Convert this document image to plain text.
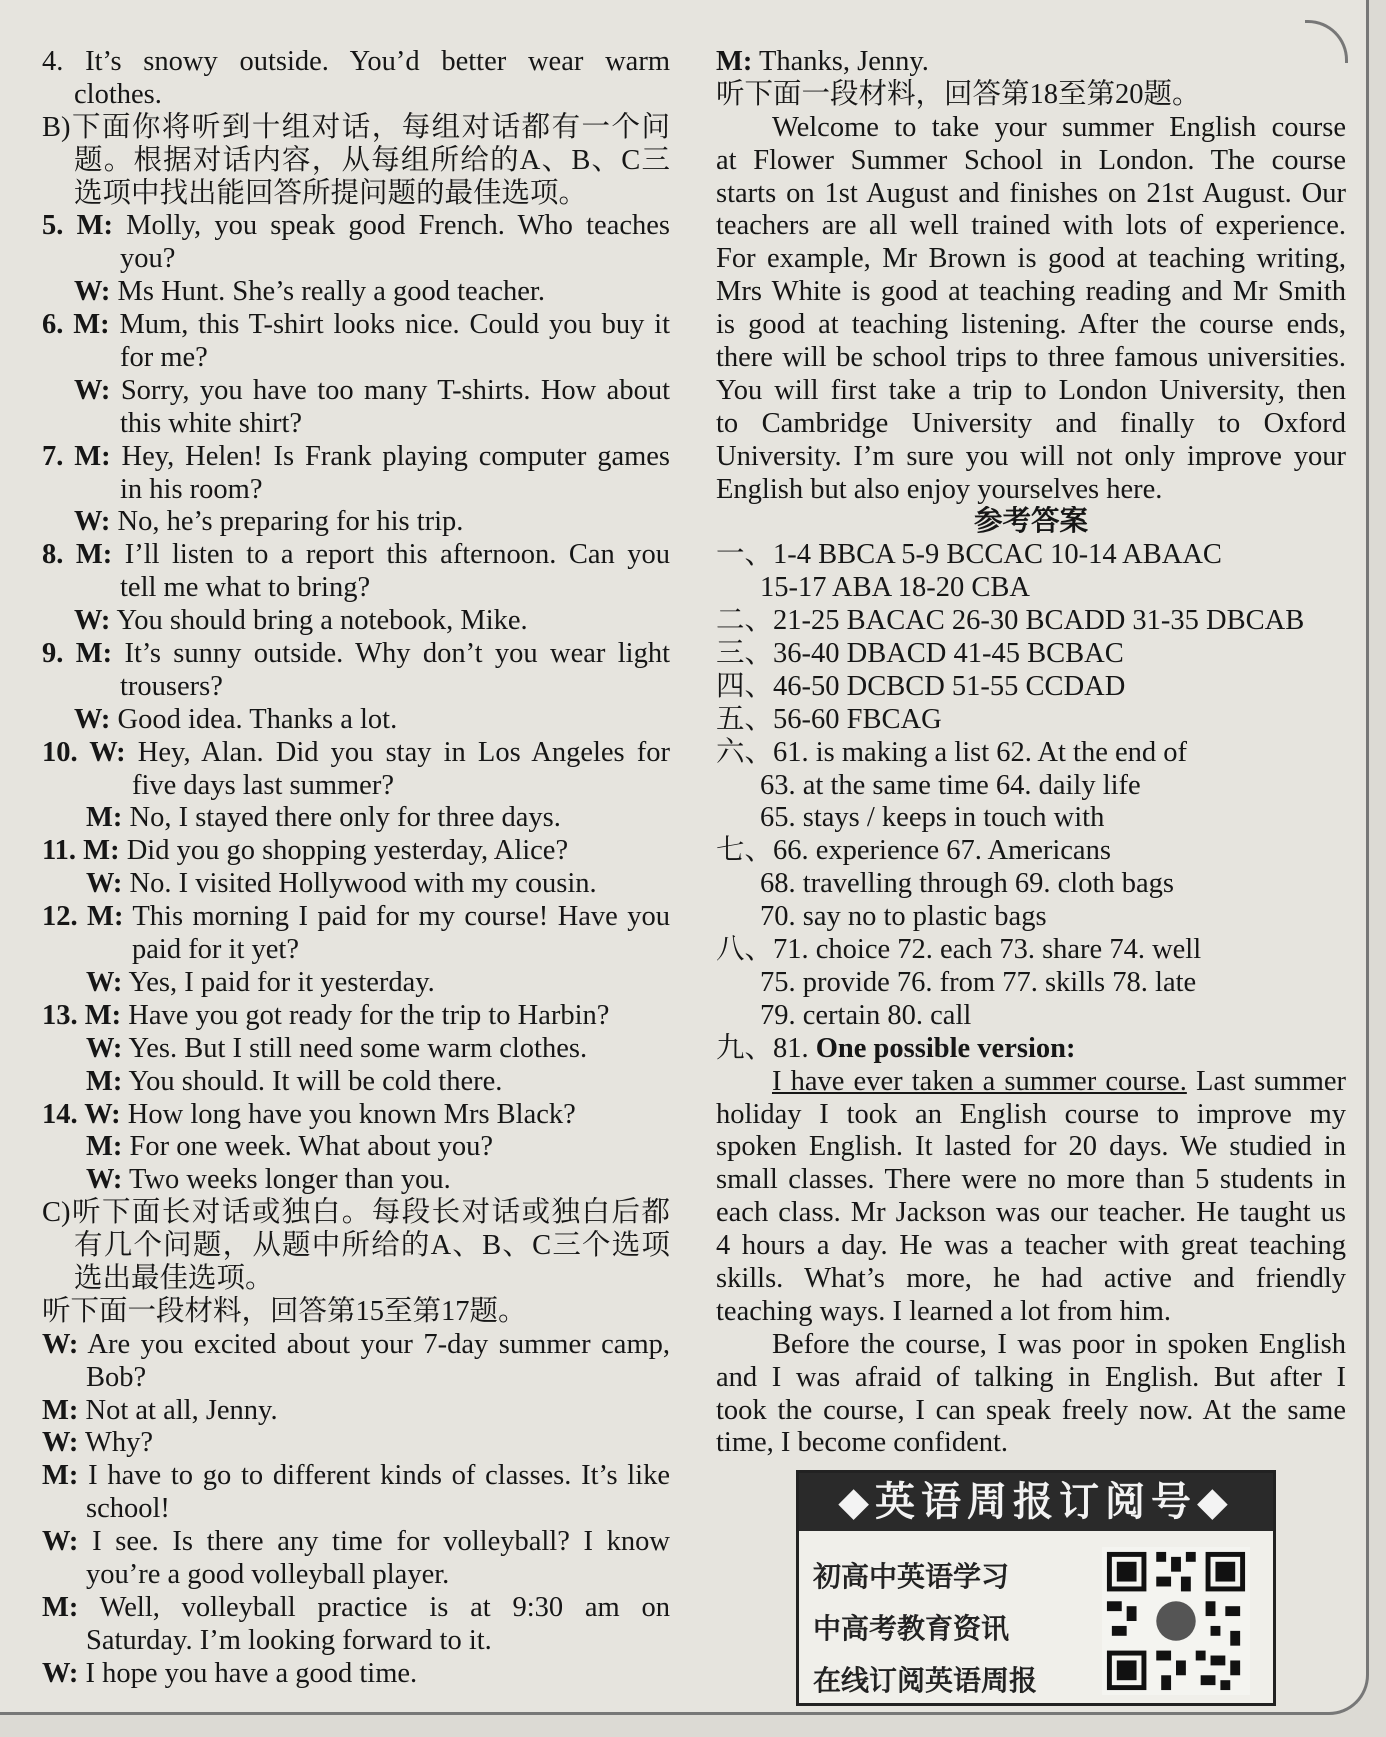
4. It’s snowy outside. You’d better wear warm
clothes.
B)下面你将听到十组对话，每组对话都有一个问
题。根据对话内容，从每组所给的A、B、C三
选项中找出能回答所提问题的最佳选项。
5. M: Molly, you speak good French. Who teaches
you?
W: Ms Hunt. She’s really a good teacher.
6. M: Mum, this T-shirt looks nice. Could you buy it
for me?
W: Sorry, you have too many T-shirts. How about
this white shirt?
7. M: Hey, Helen! Is Frank playing computer games
in his room?
W: No, he’s preparing for his trip.
8. M: I’ll listen to a report this afternoon. Can you
tell me what to bring?
W: You should bring a notebook, Mike.
9. M: It’s sunny outside. Why don’t you wear light
trousers?
W: Good idea. Thanks a lot.
10. W: Hey, Alan. Did you stay in Los Angeles for
five days last summer?
M: No, I stayed there only for three days.
11. M: Did you go shopping yesterday, Alice?
W: No. I visited Hollywood with my cousin.
12. M: This morning I paid for my course! Have you
paid for it yet?
W: Yes, I paid for it yesterday.
13. M: Have you got ready for the trip to Harbin?
W: Yes. But I still need some warm clothes.
M: You should. It will be cold there.
14. W: How long have you known Mrs Black?
M: For one week. What about you?
W: Two weeks longer than you.
C)听下面长对话或独白。每段长对话或独白后都
有几个问题，从题中所给的A、B、C三个选项
选出最佳选项。
听下面一段材料，回答第15至第17题。
W: Are you excited about your 7-day summer camp,
Bob?
M: Not at all, Jenny.
W: Why?
M: I have to go to different kinds of classes. It’s like
school!
W: I see. Is there any time for volleyball? I know
you’re a good volleyball player.
M: Well, volleyball practice is at 9:30 am on
Saturday. I’m looking forward to it.
W: I hope you have a good time.
M: Thanks, Jenny.
听下面一段材料，回答第18至第20题。
Welcome to take your summer English course
at Flower Summer School in London. The course
starts on 1st August and finishes on 21st August. Our
teachers are all well trained with lots of experience.
For example, Mr Brown is good at teaching writing,
Mrs White is good at teaching reading and Mr Smith
is good at teaching listening. After the course ends,
there will be school trips to three famous universities.
You will first take a trip to London University, then
to Cambridge University and finally to Oxford
University. I’m sure you will not only improve your
English but also enjoy yourselves here.
参考答案
一、1-4 BBCA 5-9 BCCAC 10-14 ABAAC
15-17 ABA 18-20 CBA
二、21-25 BACAC 26-30 BCADD 31-35 DBCAB
三、36-40 DBACD 41-45 BCBAC
四、46-50 DCBCD 51-55 CCDAD
五、56-60 FBCAG
六、61. is making a list 62. At the end of
63. at the same time 64. daily life
65. stays / keeps in touch with
七、66. experience 67. Americans
68. travelling through 69. cloth bags
70. say no to plastic bags
八、71. choice 72. each 73. share 74. well
75. provide 76. from 77. skills 78. late
79. certain 80. call
九、81. One possible version:
I have ever taken a summer course. Last summer
holiday I took an English course to improve my
spoken English. It lasted for 20 days. We studied in
small classes. There were no more than 5 students in
each class. Mr Jackson was our teacher. He taught us
4 hours a day. He was a teacher with great teaching
skills. What’s more, he had active and friendly
teaching ways. I learned a lot from him.
Before the course, I was poor in spoken English
and I was afraid of talking in English. But after I
took the course, I can speak freely now. At the same
time, I become confident.
◆英语周报订阅号◆
初高中英语学习
中高考教育资讯
在线订阅英语周报
